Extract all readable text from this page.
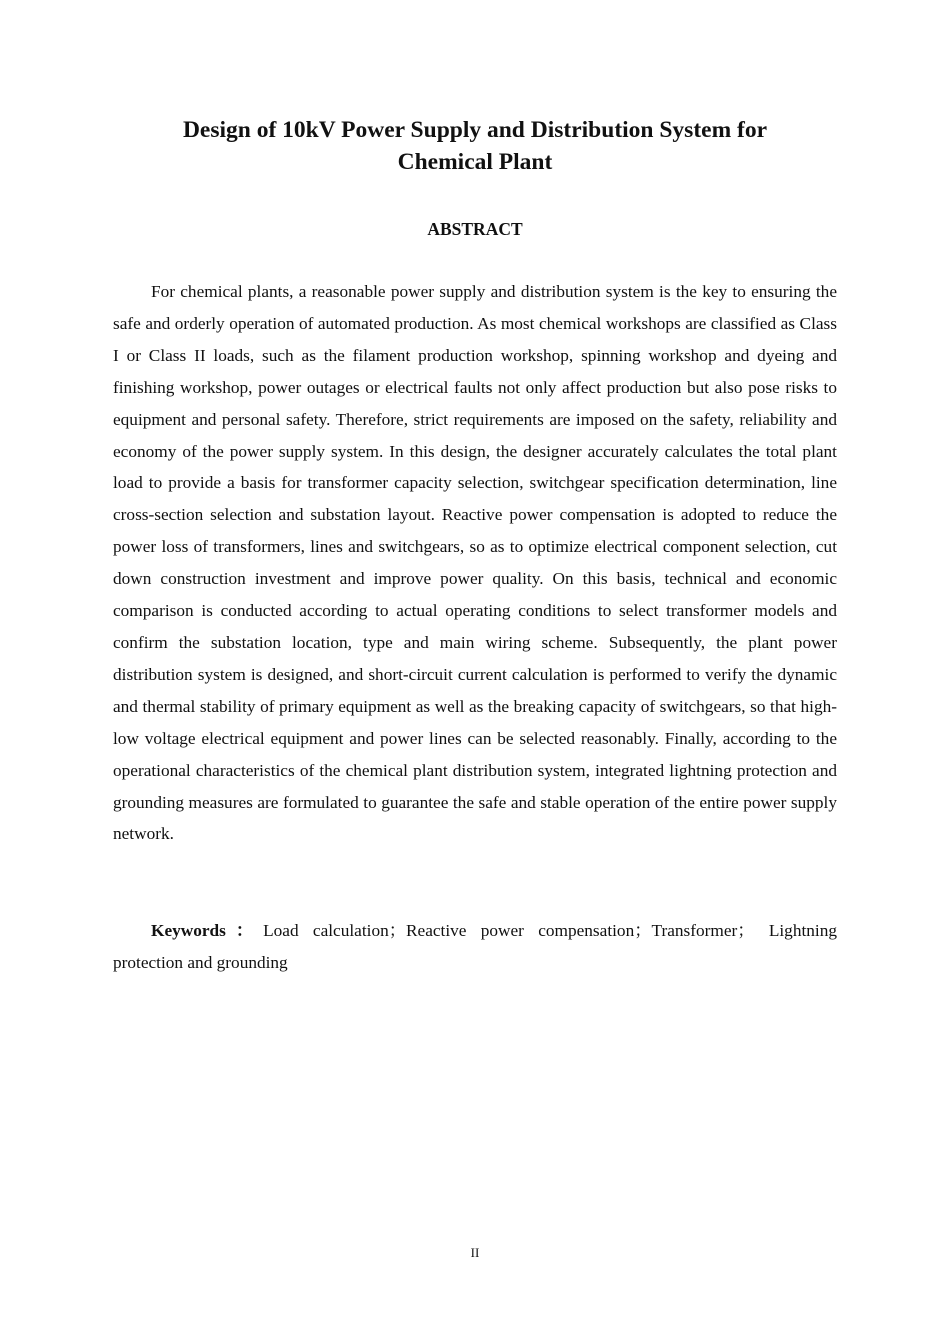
Design of 10kV Power Supply and Distribution System for
Chemical Plant
ABSTRACT

For chemical plants, a reasonable power supply and distribution system is the key to ensuring the safe and orderly operation of automated production. As most chemical workshops are classified as Class I or Class II loads, such as the filament production workshop, spinning workshop and dyeing and finishing workshop, power outages or electrical faults not only affect production but also pose risks to equipment and personal safety. Therefore, strict requirements are imposed on the safety, reliability and economy of the power supply system. In this design, the designer accurately calculates the total plant load to provide a basis for transformer capacity selection, switchgear specification determination, line cross-section selection and substation layout. Reactive power compensation is adopted to reduce the power loss of transformers, lines and switchgears, so as to optimize electrical component selection, cut down construction investment and improve power quality. On this basis, technical and economic comparison is conducted according to actual operating conditions to select transformer models and confirm the substation location, type and main wiring scheme. Subsequently, the plant power distribution system is designed, and short-circuit current calculation is performed to verify the dynamic and thermal stability of primary equipment as well as the breaking capacity of switchgears, so that high-low voltage electrical equipment and power lines can be selected reasonably. Finally, according to the operational characteristics of the chemical plant distribution system, integrated lightning protection and grounding measures are formulated to guarantee the safe and stable operation of the entire power supply network.

Keywords：Load calculation；Reactive power compensation；Transformer； Lightning protection and grounding

II
